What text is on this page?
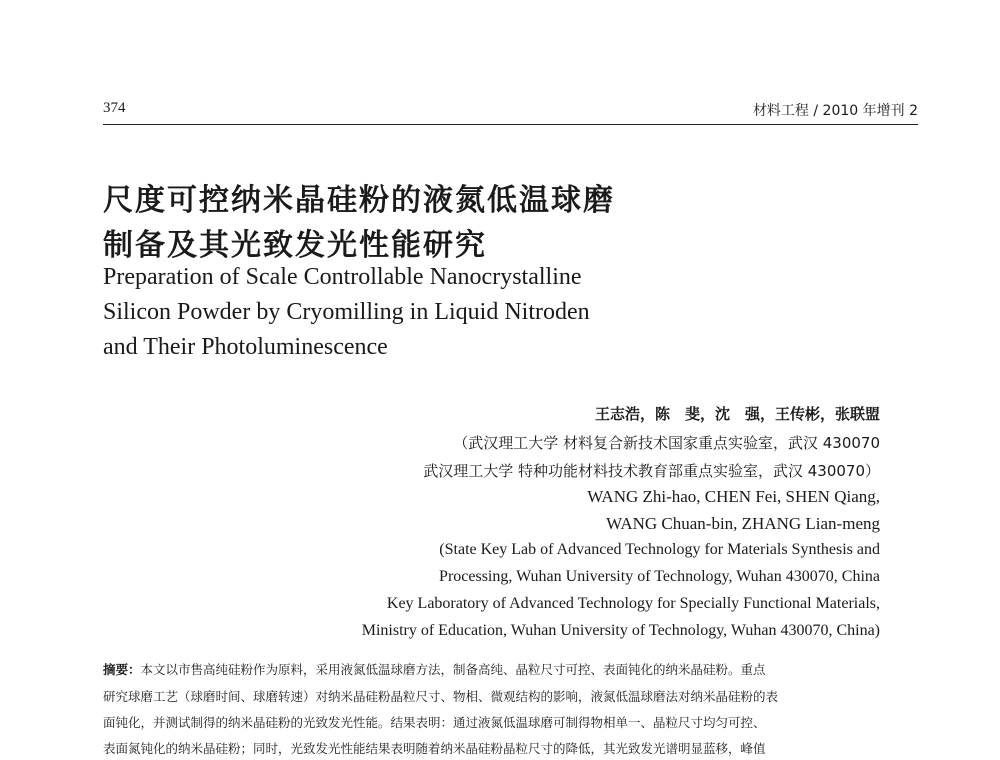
374	材料工程 / 2010 年增刊 2
尺度可控纳米晶硅粉的液氮低温球磨
制备及其光致发光性能研究
Preparation of Scale Controllable Nanocrystalline
Silicon Powder by Cryomilling in Liquid Nitroden
and Their Photoluminescence
王志浩，陈　斐，沈　强，王传彬，张联盟
（武汉理工大学 材料复合新技术国家重点实验室，武汉 430070
武汉理工大学 特种功能材料技术教育部重点实验室，武汉 430070）
WANG Zhi-hao, CHEN Fei, SHEN Qiang,
WANG Chuan-bin, ZHANG Lian-meng
(State Key Lab of Advanced Technology for Materials Synthesis and
Processing, Wuhan University of Technology, Wuhan 430070, China
Key Laboratory of Advanced Technology for Specially Functional Materials,
Ministry of Education, Wuhan University of Technology, Wuhan 430070, China)
摘要：本文以市售高纯硅粉作为原料，采用液氮低温球磨方法，制备高纯、晶粒尺寸可控、表面钝化的纳米晶硅粉。重点
研究球磨工艺（球磨时间、球磨转速）对纳米晶硅粉晶粒尺寸、物相、微观结构的影响，液氮低温球磨法对纳米晶硅粉的表
面钝化，并测试制得的纳米晶硅粉的光致发光性能。结果表明：通过液氮低温球磨可制得物相单一、晶粒尺寸均匀可控、
表面氮钝化的纳米晶硅粉；同时，光致发光性能结果表明随着纳米晶硅粉晶粒尺寸的降低，其光致发光谱明显蓝移，峰值
